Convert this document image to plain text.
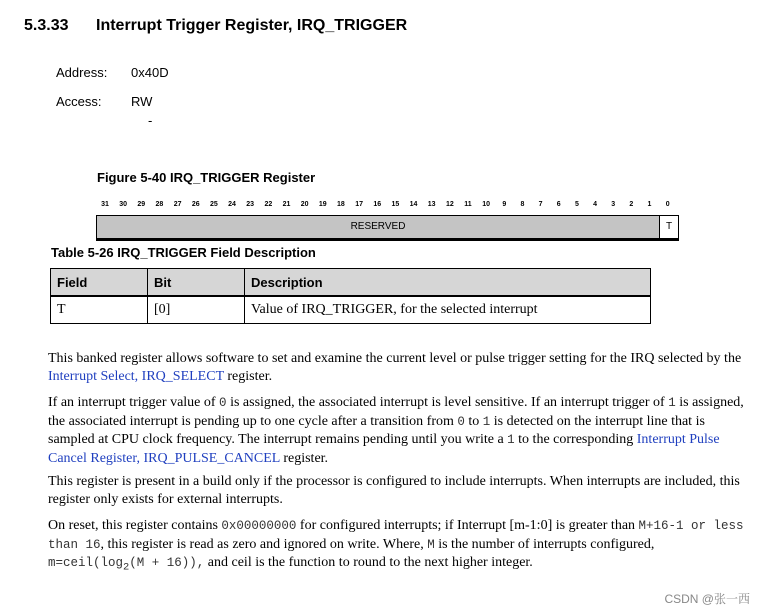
5.3.33 Interrupt Trigger Register, IRQ_TRIGGER
Address: 0x40D
Access: RW
-
Figure 5-40 IRQ_TRIGGER Register
31	30	29	28	27	26	25	24	23	22	21	20	19	18	17	16	15	14	13	12	11	10	9	8	7	6	5	4	3	2	1	0
RESERVED	T
Table 5-26 IRQ_TRIGGER Field Description
Field	Bit	Description
T	[0]	Value of IRQ_TRIGGER, for the selected interrupt
This banked register allows software to set and examine the current level or pulse trigger setting for the IRQ selected by the Interrupt Select, IRQ_SELECT register.
If an interrupt trigger value of 0 is assigned, the associated interrupt is level sensitive. If an interrupt trigger of 1 is assigned, the associated interrupt is pending up to one cycle after a transition from 0 to 1 is detected on the interrupt line that is sampled at CPU clock frequency. The interrupt remains pending until you write a 1 to the corresponding Interrupt Pulse Cancel Register, IRQ_PULSE_CANCEL register.
This register is present in a build only if the processor is configured to include interrupts. When interrupts are included, this register only exists for external interrupts.
On reset, this register contains 0x00000000 for configured interrupts; if Interrupt [m-1:0] is greater than M+16-1 or less than 16, this register is read as zero and ignored on write. Where, M is the number of interrupts configured, $m=ceil(\log_2(M + 16))$, and ceil is the function to round to the next higher integer.
CSDN @张一西
